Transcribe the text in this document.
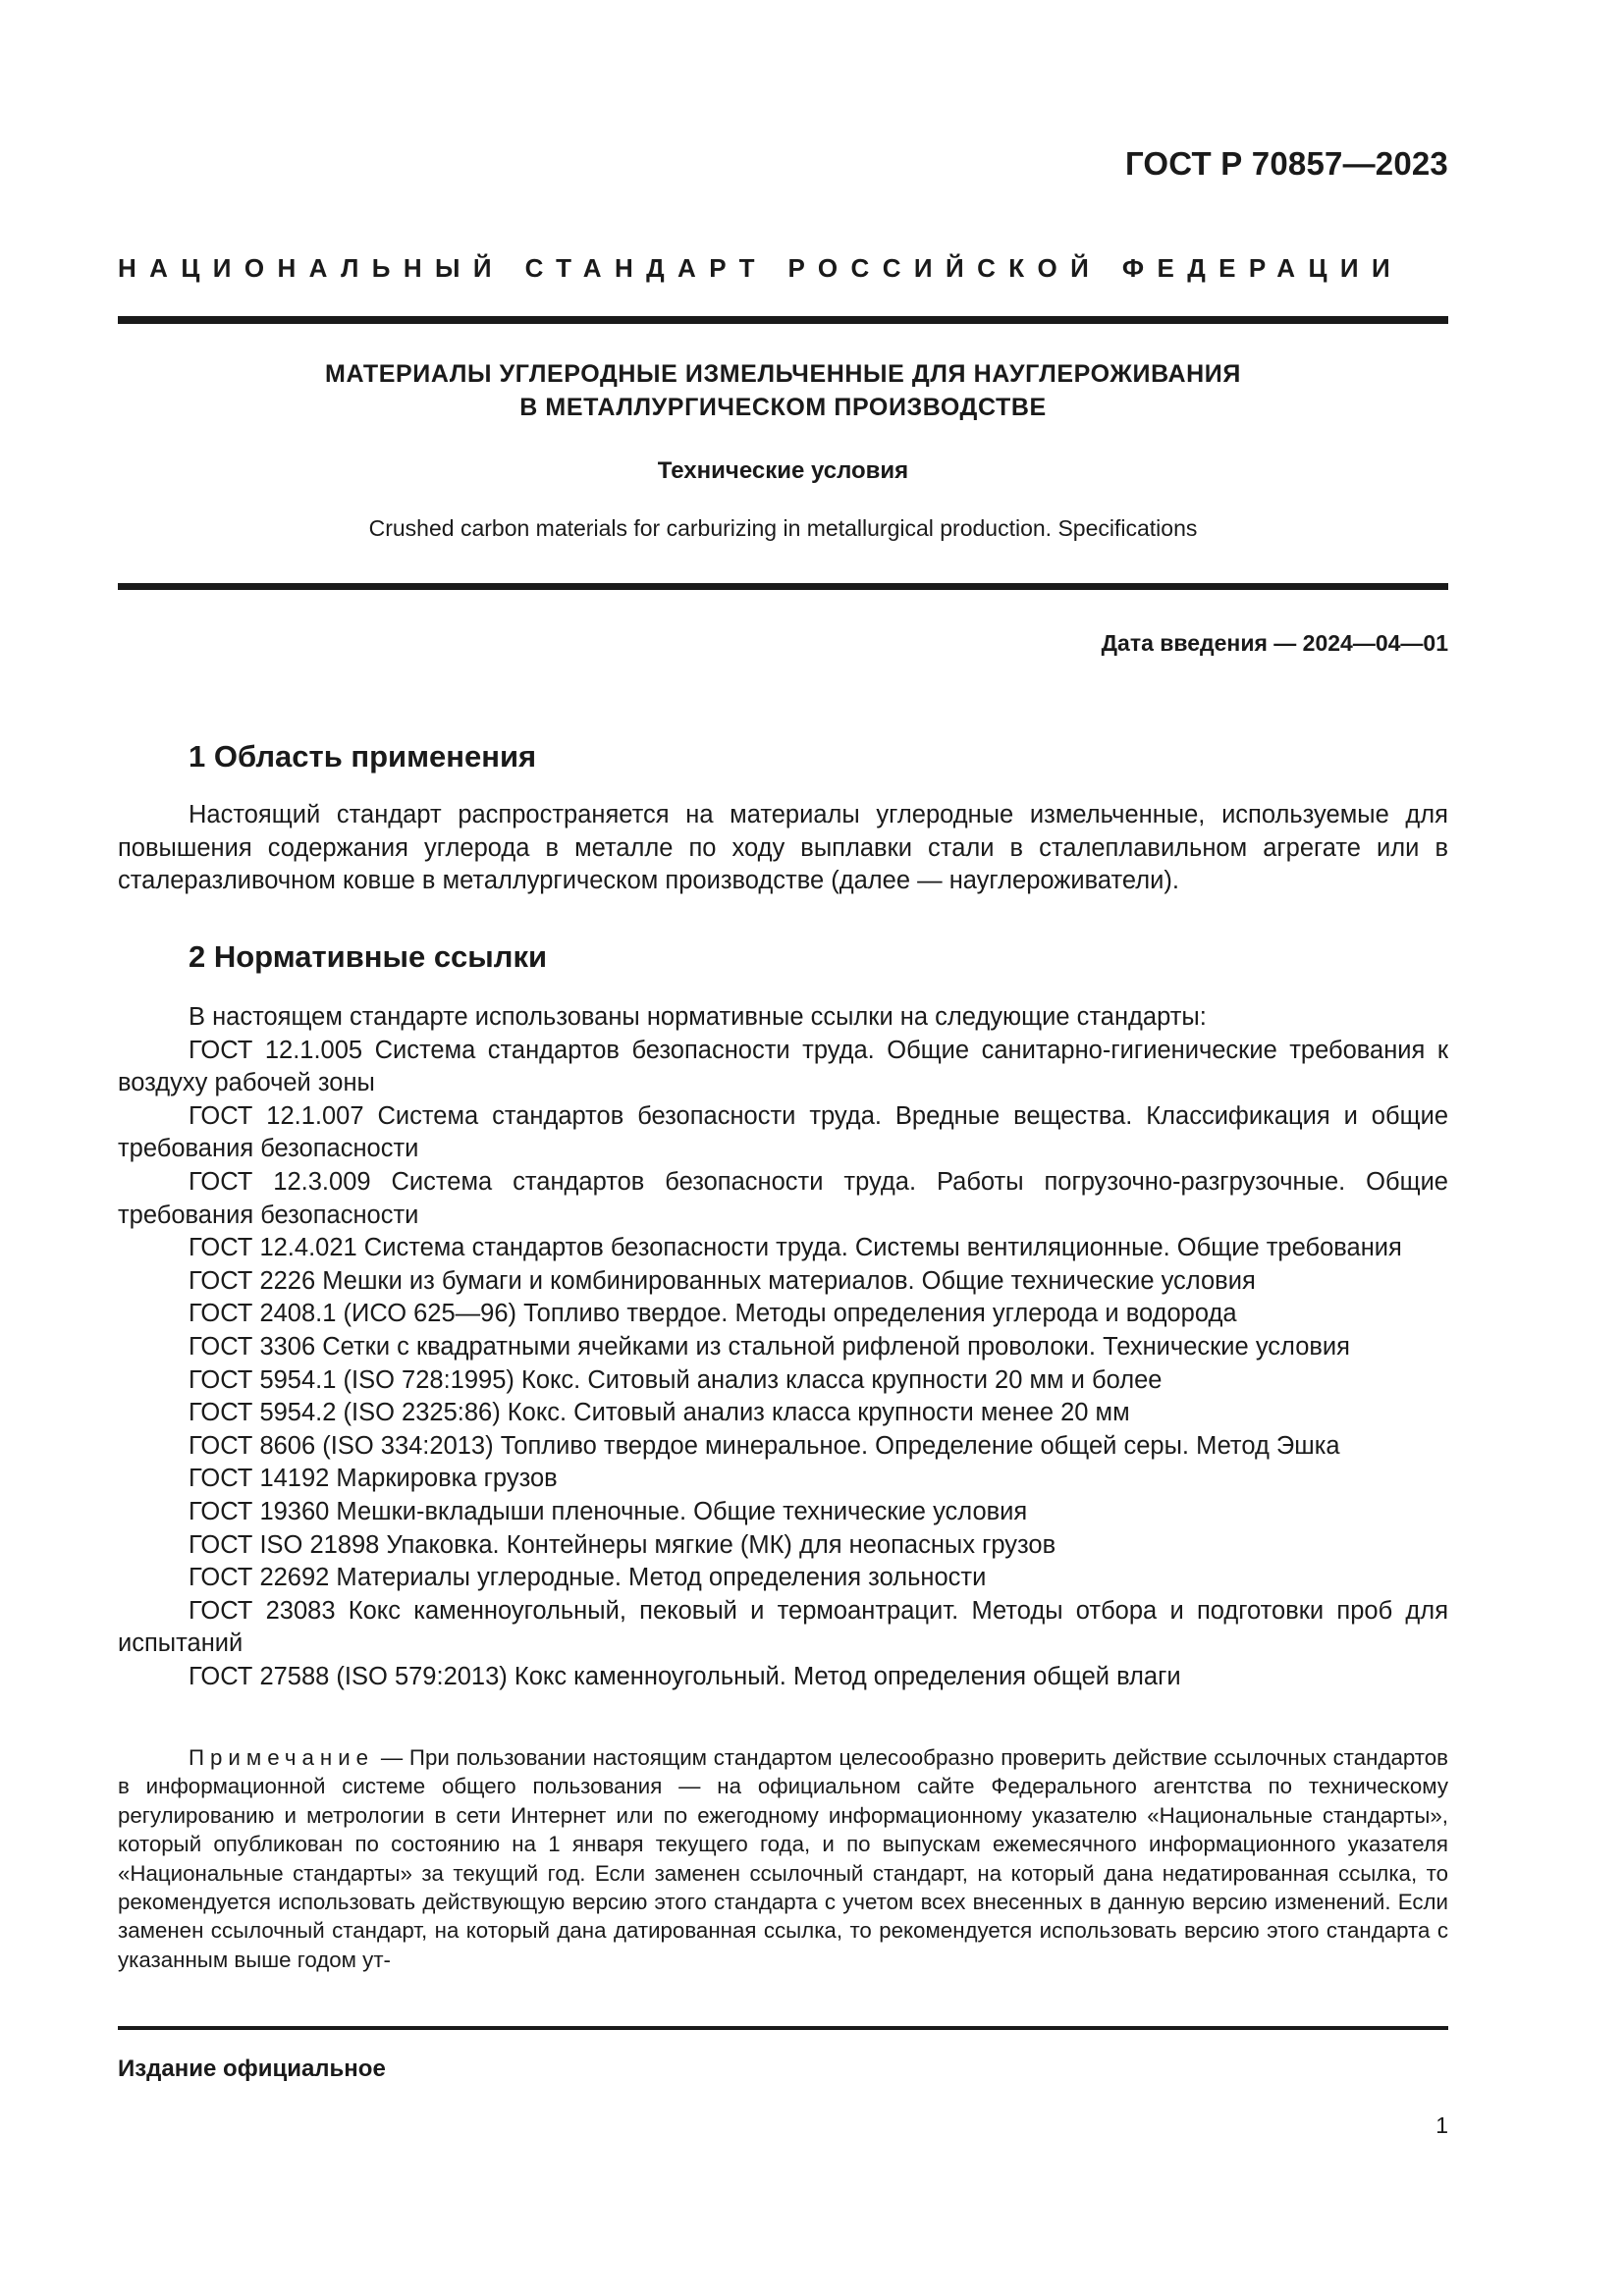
ГОСТ Р 70857—2023
НАЦИОНАЛЬНЫЙ СТАНДАРТ РОССИЙСКОЙ ФЕДЕРАЦИИ
МАТЕРИАЛЫ УГЛЕРОДНЫЕ ИЗМЕЛЬЧЕННЫЕ ДЛЯ НАУГЛЕРОЖИВАНИЯ
В МЕТАЛЛУРГИЧЕСКОМ ПРОИЗВОДСТВЕ
Технические условия
Crushed carbon materials for carburizing in metallurgical production. Specifications
Дата введения — 2024—04—01
1 Область применения

Настоящий стандарт распространяется на материалы углеродные измельченные, используемые для повышения содержания углерода в металле по ходу выплавки стали в сталеплавильном агрегате или в сталеразливочном ковше в металлургическом производстве (далее — науглероживатели).

2 Нормативные ссылки

В настоящем стандарте использованы нормативные ссылки на следующие стандарты:

ГОСТ 12.1.005 Система стандартов безопасности труда. Общие санитарно-гигиенические требования к воздуху рабочей зоны

ГОСТ 12.1.007 Система стандартов безопасности труда. Вредные вещества. Классификация и общие требования безопасности

ГОСТ 12.3.009 Система стандартов безопасности труда. Работы погрузочно-разгрузочные. Общие требования безопасности

ГОСТ 12.4.021 Система стандартов безопасности труда. Системы вентиляционные. Общие требования

ГОСТ 2226 Мешки из бумаги и комбинированных материалов. Общие технические условия

ГОСТ 2408.1 (ИСО 625—96) Топливо твердое. Методы определения углерода и водорода

ГОСТ 3306 Сетки с квадратными ячейками из стальной рифленой проволоки. Технические условия

ГОСТ 5954.1 (ISO 728:1995) Кокс. Ситовый анализ класса крупности 20 мм и более

ГОСТ 5954.2 (ISO 2325:86) Кокс. Ситовый анализ класса крупности менее 20 мм

ГОСТ 8606 (ISO 334:2013) Топливо твердое минеральное. Определение общей серы. Метод Эшка

ГОСТ 14192 Маркировка грузов

ГОСТ 19360 Мешки-вкладыши пленочные. Общие технические условия

ГОСТ ISO 21898 Упаковка. Контейнеры мягкие (МК) для неопасных грузов

ГОСТ 22692 Материалы углеродные. Метод определения зольности

ГОСТ 23083 Кокс каменноугольный, пековый и термоантрацит. Методы отбора и подготовки проб для испытаний

ГОСТ 27588 (ISO 579:2013) Кокс каменноугольный. Метод определения общей влаги

Примечание — При пользовании настоящим стандартом целесообразно проверить действие ссылочных стандартов в информационной системе общего пользования — на официальном сайте Федерального агентства по техническому регулированию и метрологии в сети Интернет или по ежегодному информационному указателю «Национальные стандарты», который опубликован по состоянию на 1 января текущего года, и по выпускам ежемесячного информационного указателя «Национальные стандарты» за текущий год. Если заменен ссылочный стандарт, на который дана недатированная ссылка, то рекомендуется использовать действующую версию этого стандарта с учетом всех внесенных в данную версию изменений. Если заменен ссылочный стандарт, на который дана датированная ссылка, то рекомендуется использовать версию этого стандарта с указанным выше годом ут-

Издание официальное
1
